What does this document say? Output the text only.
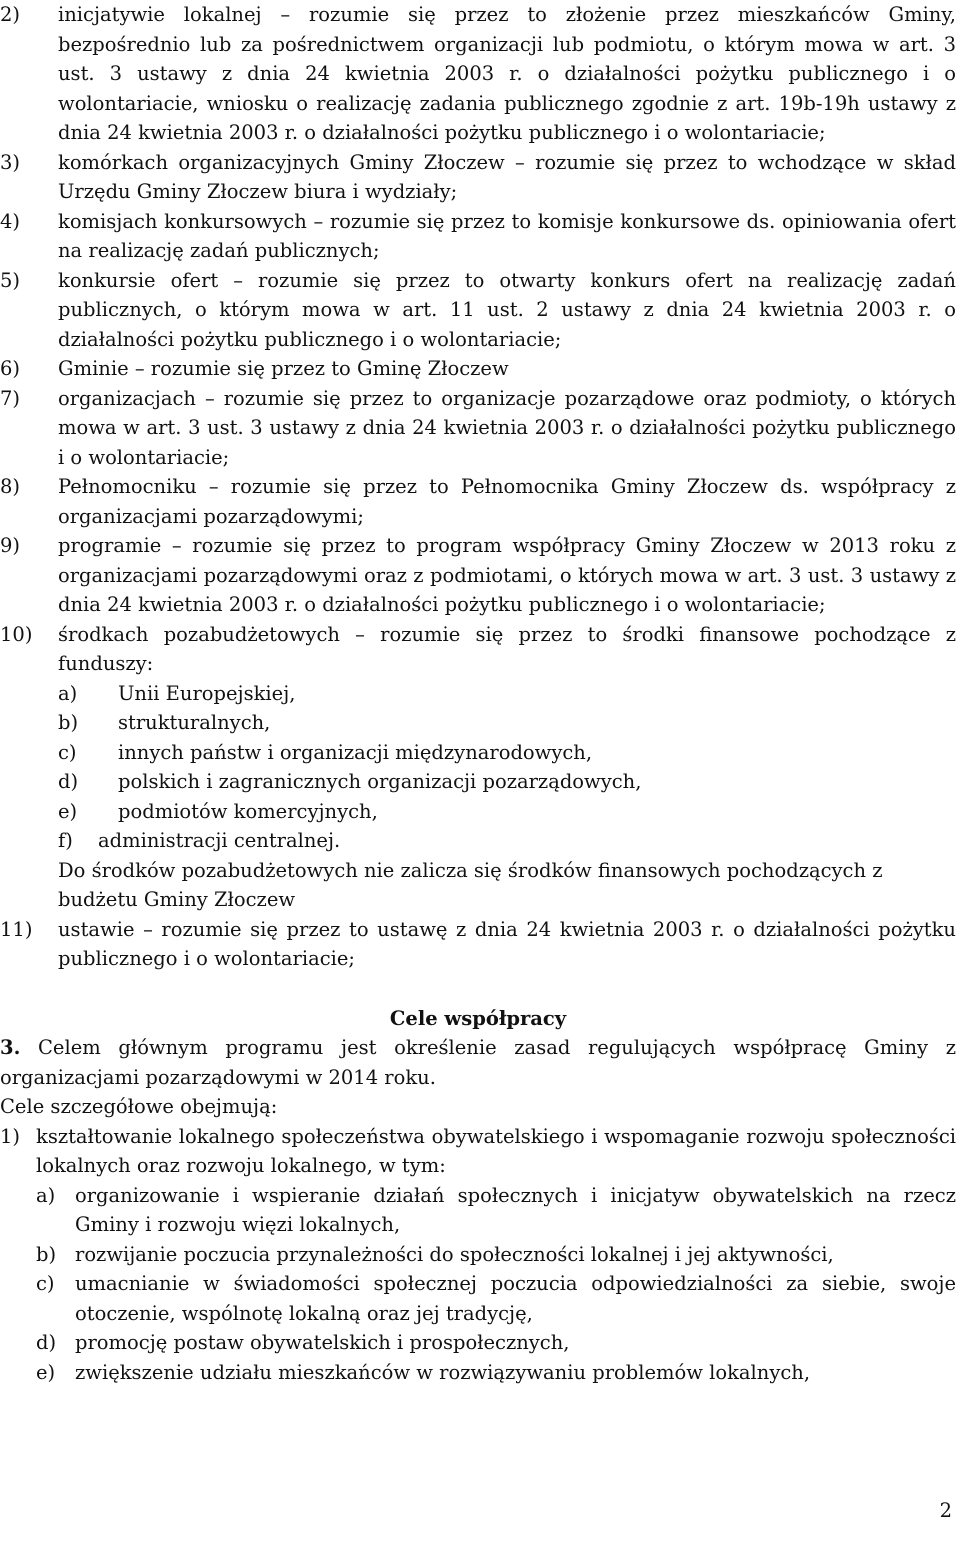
2) inicjatywie lokalnej – rozumie się przez to złożenie przez mieszkańców Gminy, bezpośrednio lub za pośrednictwem organizacji lub podmiotu, o którym mowa w art. 3 ust. 3 ustawy z dnia 24 kwietnia 2003 r. o działalności pożytku publicznego i o wolontariacie, wniosku o realizację zadania publicznego zgodnie z art. 19b-19h ustawy z dnia 24 kwietnia 2003 r. o działalności pożytku publicznego i o wolontariacie;
3) komórkach organizacyjnych Gminy Złoczew – rozumie się przez to wchodzące w skład Urzędu Gminy Złoczew biura i wydziały;
4) komisjach konkursowych – rozumie się przez to komisje konkursowe ds. opiniowania ofert na realizację zadań publicznych;
5) konkursie ofert – rozumie się przez to otwarty konkurs ofert na realizację zadań publicznych, o którym mowa w art. 11 ust. 2 ustawy z dnia 24 kwietnia 2003 r. o działalności pożytku publicznego i o wolontariacie;
6) Gminie – rozumie się przez to Gminę Złoczew
7) organizacjach – rozumie się przez to organizacje pozarządowe oraz podmioty, o których mowa w art. 3 ust. 3 ustawy z dnia 24 kwietnia 2003 r. o działalności pożytku publicznego i o wolontariacie;
8) Pełnomocniku – rozumie się przez to Pełnomocnika Gminy Złoczew ds. współpracy z organizacjami pozarządowymi;
9) programie – rozumie się przez to program współpracy Gminy Złoczew w 2013 roku z organizacjami pozarządowymi oraz z podmiotami, o których mowa w art. 3 ust. 3 ustawy z dnia 24 kwietnia 2003 r. o działalności pożytku publicznego i o wolontariacie;
10) środkach pozabudżetowych – rozumie się przez to środki finansowe pochodzące z funduszy:
a) Unii Europejskiej,
b) strukturalnych,
c) innych państw i organizacji międzynarodowych,
d) polskich i zagranicznych organizacji pozarządowych,
e) podmiotów komercyjnych,
f) administracji centralnej.
Do środków pozabudżetowych nie zalicza się środków finansowych pochodzących z budżetu Gminy Złoczew
11) ustawie – rozumie się przez to ustawę z dnia 24 kwietnia 2003 r. o działalności pożytku publicznego i o wolontariacie;
Cele współpracy
3. Celem głównym programu jest określenie zasad regulujących współpracę Gminy z organizacjami pozarządowymi w 2014 roku.
Cele szczegółowe obejmują:
1) kształtowanie lokalnego społeczeństwa obywatelskiego i wspomaganie rozwoju społeczności lokalnych oraz rozwoju lokalnego, w tym:
a) organizowanie i wspieranie działań społecznych i inicjatyw obywatelskich na rzecz Gminy i rozwoju więzi lokalnych,
b) rozwijanie poczucia przynależności do społeczności lokalnej i jej aktywności,
c) umacnianie w świadomości społecznej poczucia odpowiedzialności za siebie, swoje otoczenie, wspólnotę lokalną oraz jej tradycję,
d) promocję postaw obywatelskich i prospołecznych,
e) zwiększenie udziału mieszkańców w rozwiązywaniu problemów lokalnych,
2
